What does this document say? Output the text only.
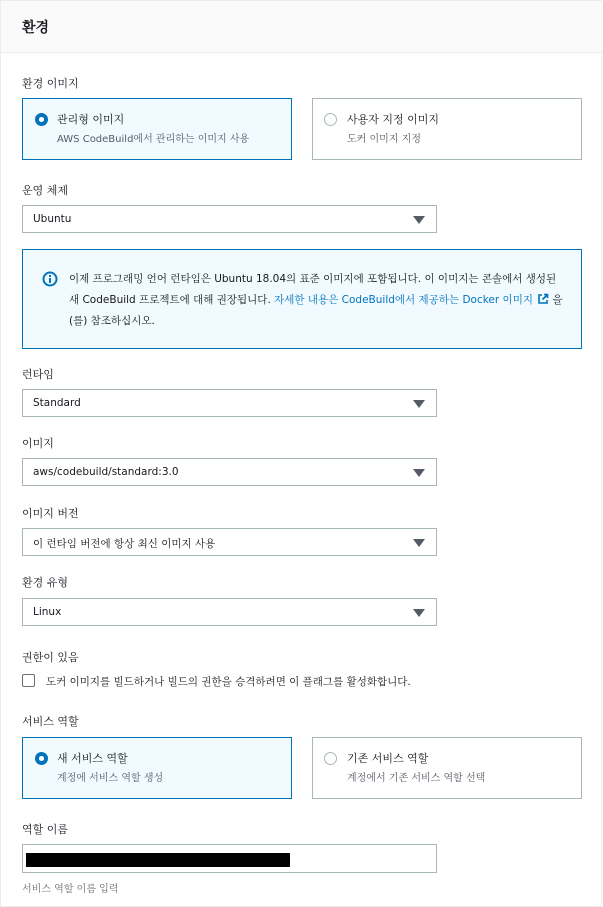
환경
환경 이미지
관리형 이미지
AWS CodeBuild에서 관리하는 이미지 사용
사용자 지정 이미지
도커 이미지 지정
운영 체제
Ubuntu
이제 프로그래밍 언어 런타임은 Ubuntu 18.04의 표준 이미지에 포함됩니다. 이 이미지는 콘솔에서 생성된 새 CodeBuild 프로젝트에 대해 권장됩니다. 자세한 내용은 CodeBuild에서 제공하는 Docker 이미지 을(를) 참조하십시오.
런타임
Standard
이미지
aws/codebuild/standard:3.0
이미지 버전
이 런타임 버전에 항상 최신 이미지 사용
환경 유형
Linux
권한이 있음
도커 이미지를 빌드하거나 빌드의 권한을 승격하려면 이 플래그를 활성화합니다.
서비스 역할
새 서비스 역할
계정에 서비스 역할 생성
기존 서비스 역할
계정에서 기존 서비스 역할 선택
역할 이름
서비스 역할 이름 입력
